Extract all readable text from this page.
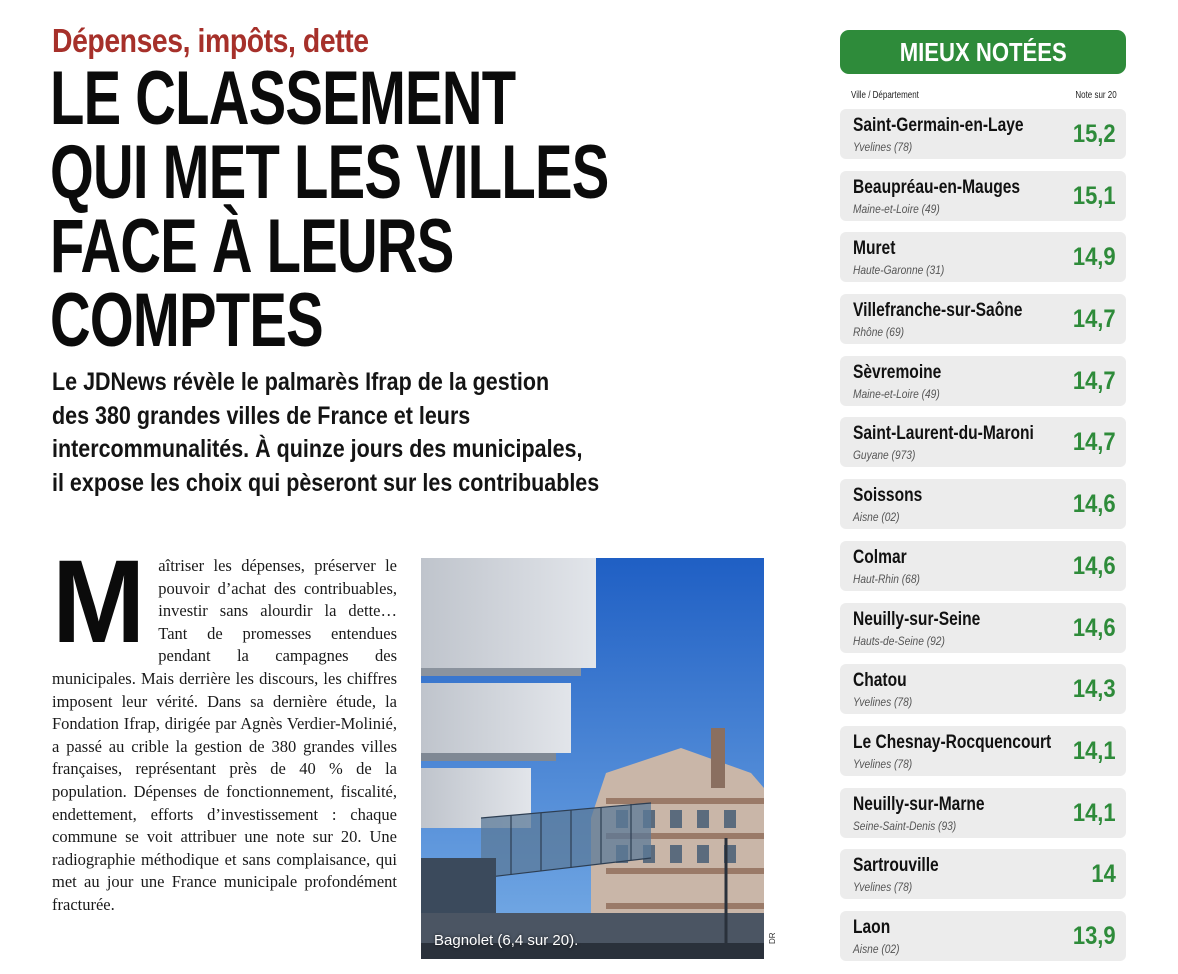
Dépenses, impôts, dette
LE CLASSEMENT
QUI MET LES VILLES
FACE À LEURS
COMPTES
Le JDNews révèle le palmarès Ifrap de la gestion
des 380 grandes villes de France et leurs
intercommunalités. À quinze jours des municipales,
il expose les choix qui pèseront sur les contribuables
M aîtriser les dépenses, préserver le pouvoir d’achat des contribuables, investir sans alourdir la dette… Tant de promesses entendues pendant la campagnes des municipales. Mais derrière les discours, les chiffres imposent leur vérité. Dans sa dernière étude, la Fondation Ifrap, dirigée par Agnès Verdier-Molinié, a passé au crible la gestion de 380 grandes villes françaises, représentant près de 40 % de la population. Dépenses de fonctionnement, fiscalité, endettement, efforts d’investissement : chaque commune se voit attribuer une note sur 20. Une radiographie méthodique et sans complaisance, qui met au jour une France municipale profondément fracturée.

Bagnolet (6,4 sur 20).	DR
MIEUX NOTÉES
Ville / Département	Note sur 20
Saint-Germain-en-Laye
Yvelines (78)	15,2
Beaupréau-en-Mauges
Maine-et-Loire (49)	15,1
Muret
Haute-Garonne (31)	14,9
Villefranche-sur-Saône
Rhône (69)	14,7
Sèvremoine
Maine-et-Loire (49)	14,7
Saint-Laurent-du-Maroni
Guyane (973)	14,7
Soissons
Aisne (02)	14,6
Colmar
Haut-Rhin (68)	14,6
Neuilly-sur-Seine
Hauts-de-Seine (92)	14,6
Chatou
Yvelines (78)	14,3
Le Chesnay-Rocquencourt
Yvelines (78)	14,1
Neuilly-sur-Marne
Seine-Saint-Denis (93)	14,1
Sartrouville
Yvelines (78)	14
Laon
Aisne (02)	13,9
